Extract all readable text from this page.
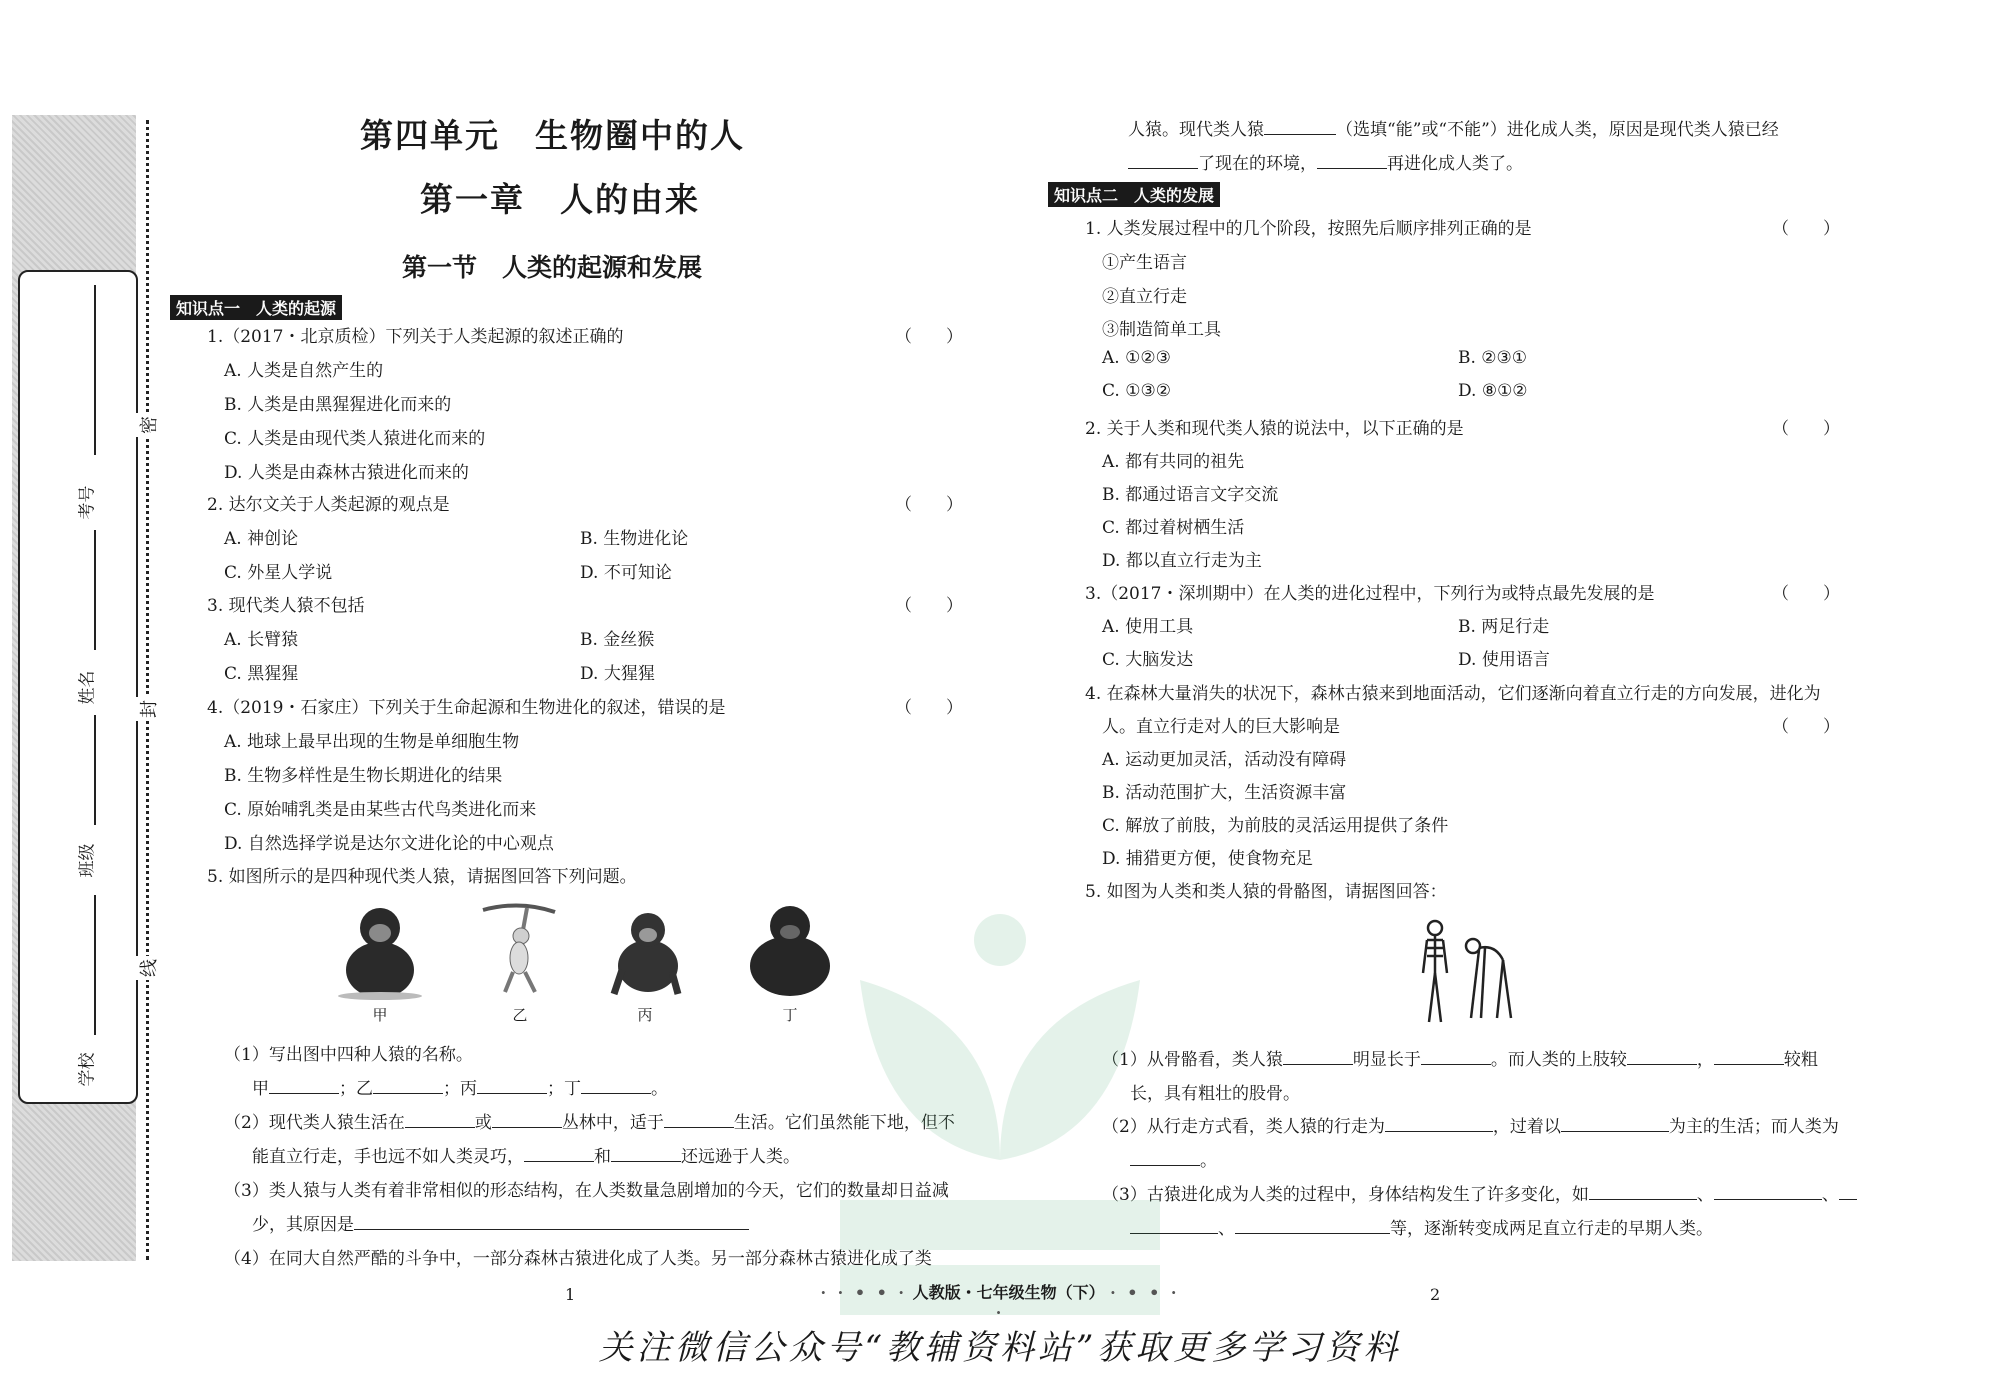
考号
姓名
班级
学校
密
封
线
第四单元　生物圈中的人
第一章　人的由来
第一节　人类的起源和发展
知识点一　人类的起源
1.（2017・北京质检）下列关于人类起源的叙述正确的	（　　）
A. 人类是自然产生的
B. 人类是由黑猩猩进化而来的
C. 人类是由现代类人猿进化而来的
D. 人类是由森林古猿进化而来的
2. 达尔文关于人类起源的观点是	（　　）
A. 神创论	B. 生物进化论
C. 外星人学说	D. 不可知论
3. 现代类人猿不包括	（　　）
A. 长臂猿	B. 金丝猴
C. 黑猩猩	D. 大猩猩
4.（2019・石家庄）下列关于生命起源和生物进化的叙述，错误的是	（　　）
A. 地球上最早出现的生物是单细胞生物
B. 生物多样性是生物长期进化的结果
C. 原始哺乳类是由某些古代鸟类进化而来
D. 自然选择学说是达尔文进化论的中心观点
5. 如图所示的是四种现代类人猿，请据图回答下列问题。
甲	乙	丙	丁
（1）写出图中四种人猿的名称。
甲	；乙	；丙	；丁	。
（2）现代类人猿生活在	或	丛林中，适于	生活。它们虽然能下地，但不
能直立行走，手也远不如人类灵巧，	和	还远逊于人类。
（3）类人猿与人类有着非常相似的形态结构，在人类数量急剧增加的今天，它们的数量却日益减
少，其原因是
（4）在同大自然严酷的斗争中，一部分森林古猿进化成了人类。另一部分森林古猿进化成了类
人猿。现代类人猿	（选填“能”或“不能”）进化成人类，原因是现代类人猿已经
了现在的环境，	再进化成人类了。
知识点二　人类的发展
1. 人类发展过程中的几个阶段，按照先后顺序排列正确的是	（　　）
①产生语言
②直立行走
③制造简单工具
A. ①②③	B. ②③①
C. ①③②	D. ⑧①②
2. 关于人类和现代类人猿的说法中，以下正确的是	（　　）
A. 都有共同的祖先
B. 都通过语言文字交流
C. 都过着树栖生活
D. 都以直立行走为主
3.（2017・深圳期中）在人类的进化过程中，下列行为或特点最先发展的是	（　　）
A. 使用工具	B. 两足行走
C. 大脑发达	D. 使用语言
4. 在森林大量消失的状况下，森林古猿来到地面活动，它们逐渐向着直立行走的方向发展，进化为
人。直立行走对人的巨大影响是	（　　）
A. 运动更加灵活，活动没有障碍
B. 活动范围扩大，生活资源丰富
C. 解放了前肢，为前肢的灵活运用提供了条件
D. 捕猎更方便，使食物充足
5. 如图为人类和类人猿的骨骼图，请据图回答：
（1）从骨骼看，类人猿	明显长于	。而人类的上肢较	，	较粗
长，具有粗壮的股骨。
（2）从行走方式看，类人猿的行走为	，过着以	为主的生活；而人类为
。
（3）古猿进化成为人类的过程中，身体结构发生了许多变化，如	、	、
、	等，逐渐转变成两足直立行走的早期人类。
1	· · • • · 人教版・七年级生物（下） · • • · ·
2
关注微信公众号“教辅资料站”获取更多学习资料
